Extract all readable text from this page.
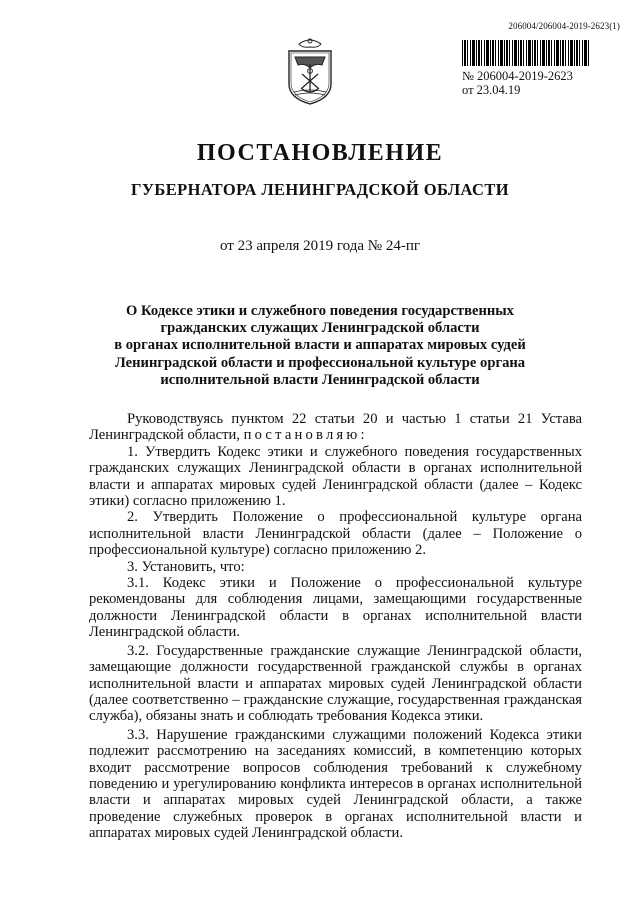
206004/206004-2019-2623(1)
№ 206004-2019-2623
от 23.04.19
ПОСТАНОВЛЕНИЕ
ГУБЕРНАТОРА ЛЕНИНГРАДСКОЙ ОБЛАСТИ
от 23 апреля 2019 года № 24-пг
О Кодексе этики и служебного поведения государственных
гражданских служащих Ленинградской области
в органах исполнительной власти и аппаратах мировых судей
Ленинградской области и профессиональной культуре органа
исполнительной власти Ленинградской области

Руководствуясь пунктом 22 статьи 20 и частью 1 статьи 21 Устава Ленинградской области, постановляю:

1. Утвердить Кодекс этики и служебного поведения государственных гражданских служащих Ленинградской области в органах исполнительной власти и аппаратах мировых судей Ленинградской области (далее – Кодекс этики) согласно приложению 1.

2. Утвердить Положение о профессиональной культуре органа исполнительной власти Ленинградской области (далее – Положение о профессиональной культуре) согласно приложению 2.

3. Установить, что:

3.1. Кодекс этики и Положение о профессиональной культуре рекомендованы для соблюдения лицами, замещающими государственные должности Ленинградской области в органах исполнительной власти Ленинградской области.

3.2. Государственные гражданские служащие Ленинградской области, замещающие должности государственной гражданской службы в органах исполнительной власти и аппаратах мировых судей Ленинградской области (далее соответственно – гражданские служащие, государственная гражданская служба), обязаны знать и соблюдать требования Кодекса этики.

3.3. Нарушение гражданскими служащими положений Кодекса этики подлежит рассмотрению на заседаниях комиссий, в компетенцию которых входит рассмотрение вопросов соблюдения требований к служебному поведению и урегулированию конфликта интересов в органах исполнительной власти и аппаратах мировых судей Ленинградской области, а также проведение служебных проверок в органах исполнительной власти и аппаратах мировых судей Ленинградской области.
